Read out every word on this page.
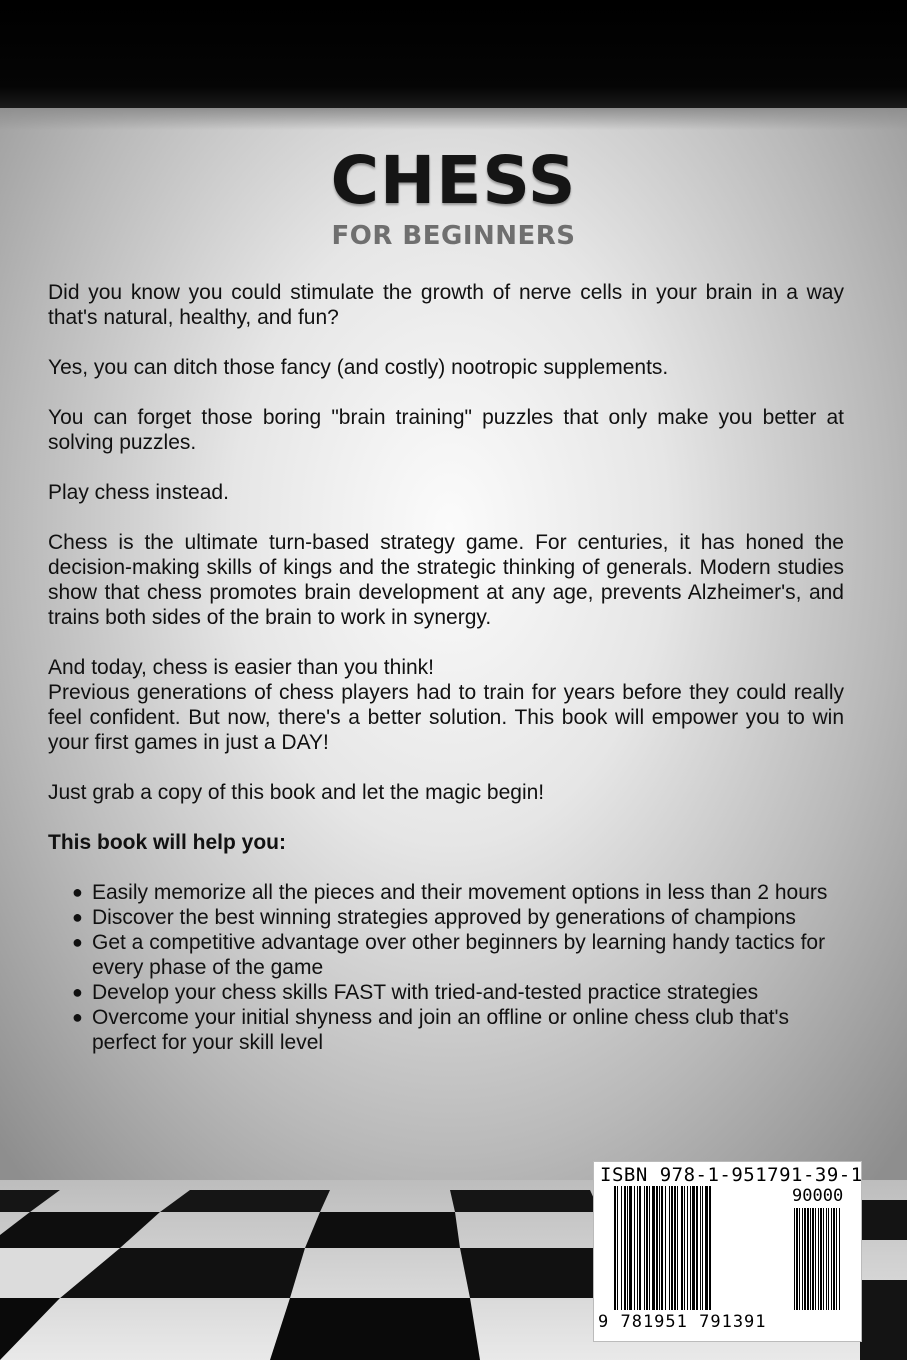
CHESS
FOR BEGINNERS

Did you know you could stimulate the growth of nerve cells in your brain in a way that's natural, healthy, and fun?

Yes, you can ditch those fancy (and costly) nootropic supplements.

You can forget those boring "brain training" puzzles that only make you better at solving puzzles.

Play chess instead.

Chess is the ultimate turn-based strategy game. For centuries, it has honed the decision-making skills of kings and the strategic thinking of generals. Modern studies show that chess promotes brain development at any age, prevents Alzheimer's, and trains both sides of the brain to work in synergy.

And today, chess is easier than you think!

Previous generations of chess players had to train for years before they could really feel confident. But now, there's a better solution. This book will empower you to win your first games in just a DAY!

Just grab a copy of this book and let the magic begin!

This book will help you:
● Easily memorize all the pieces and their movement options in less than 2 hours
● Discover the best winning strategies approved by generations of champions
● Get a competitive advantage over other beginners by learning handy tactics for every phase of the game
● Develop your chess skills FAST with tried-and-tested practice strategies
● Overcome your initial shyness and join an offline or online chess club that's perfect for your skill level
ISBN 978-1-951791-39-1
90000
9 781951 791391
